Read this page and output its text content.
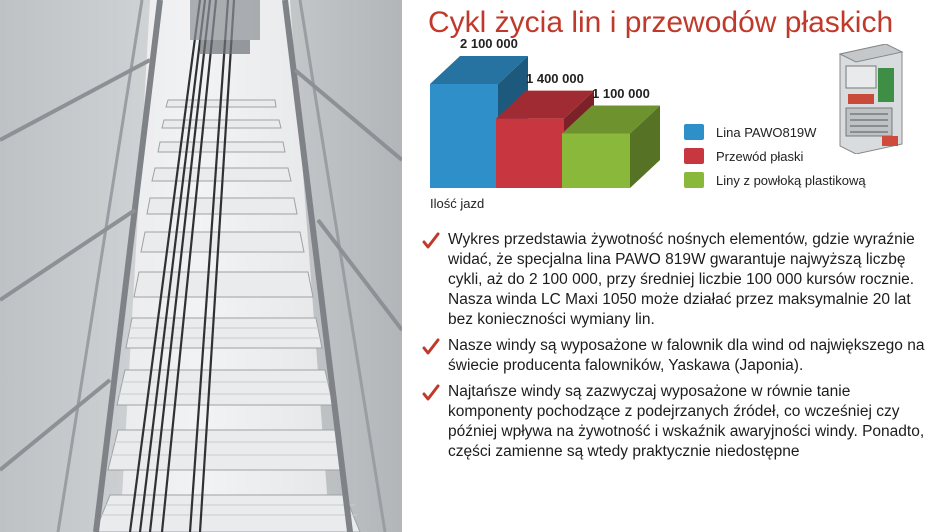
Cykl życia lin i przewodów płaskich
2 100 000
1 400 000
1 100 000
Ilość jazd
Lina PAWO819W
Przewód płaski
Liny z powłoką plastikową
Wykres przedstawia żywotność nośnych elementów, gdzie wyraźnie widać, że specjalna lina PAWO 819W gwarantuje najwyższą liczbę cykli, aż do 2 100 000, przy średniej liczbie 100 000 kursów rocznie. Nasza winda LC Maxi 1050 może działać przez maksymalnie 20 lat bez konieczności wymiany lin.
Nasze windy są wyposażone w falownik dla wind od największego na świecie producenta falowników, Yaskawa (Japonia).
Najtańsze windy są zazwyczaj wyposażone w równie tanie komponenty pochodzące z podejrzanych źródeł, co wcześniej czy później wpływa na żywotność i wskaźnik awaryjności windy. Ponadto, części zamienne są wtedy praktycznie niedostępne
